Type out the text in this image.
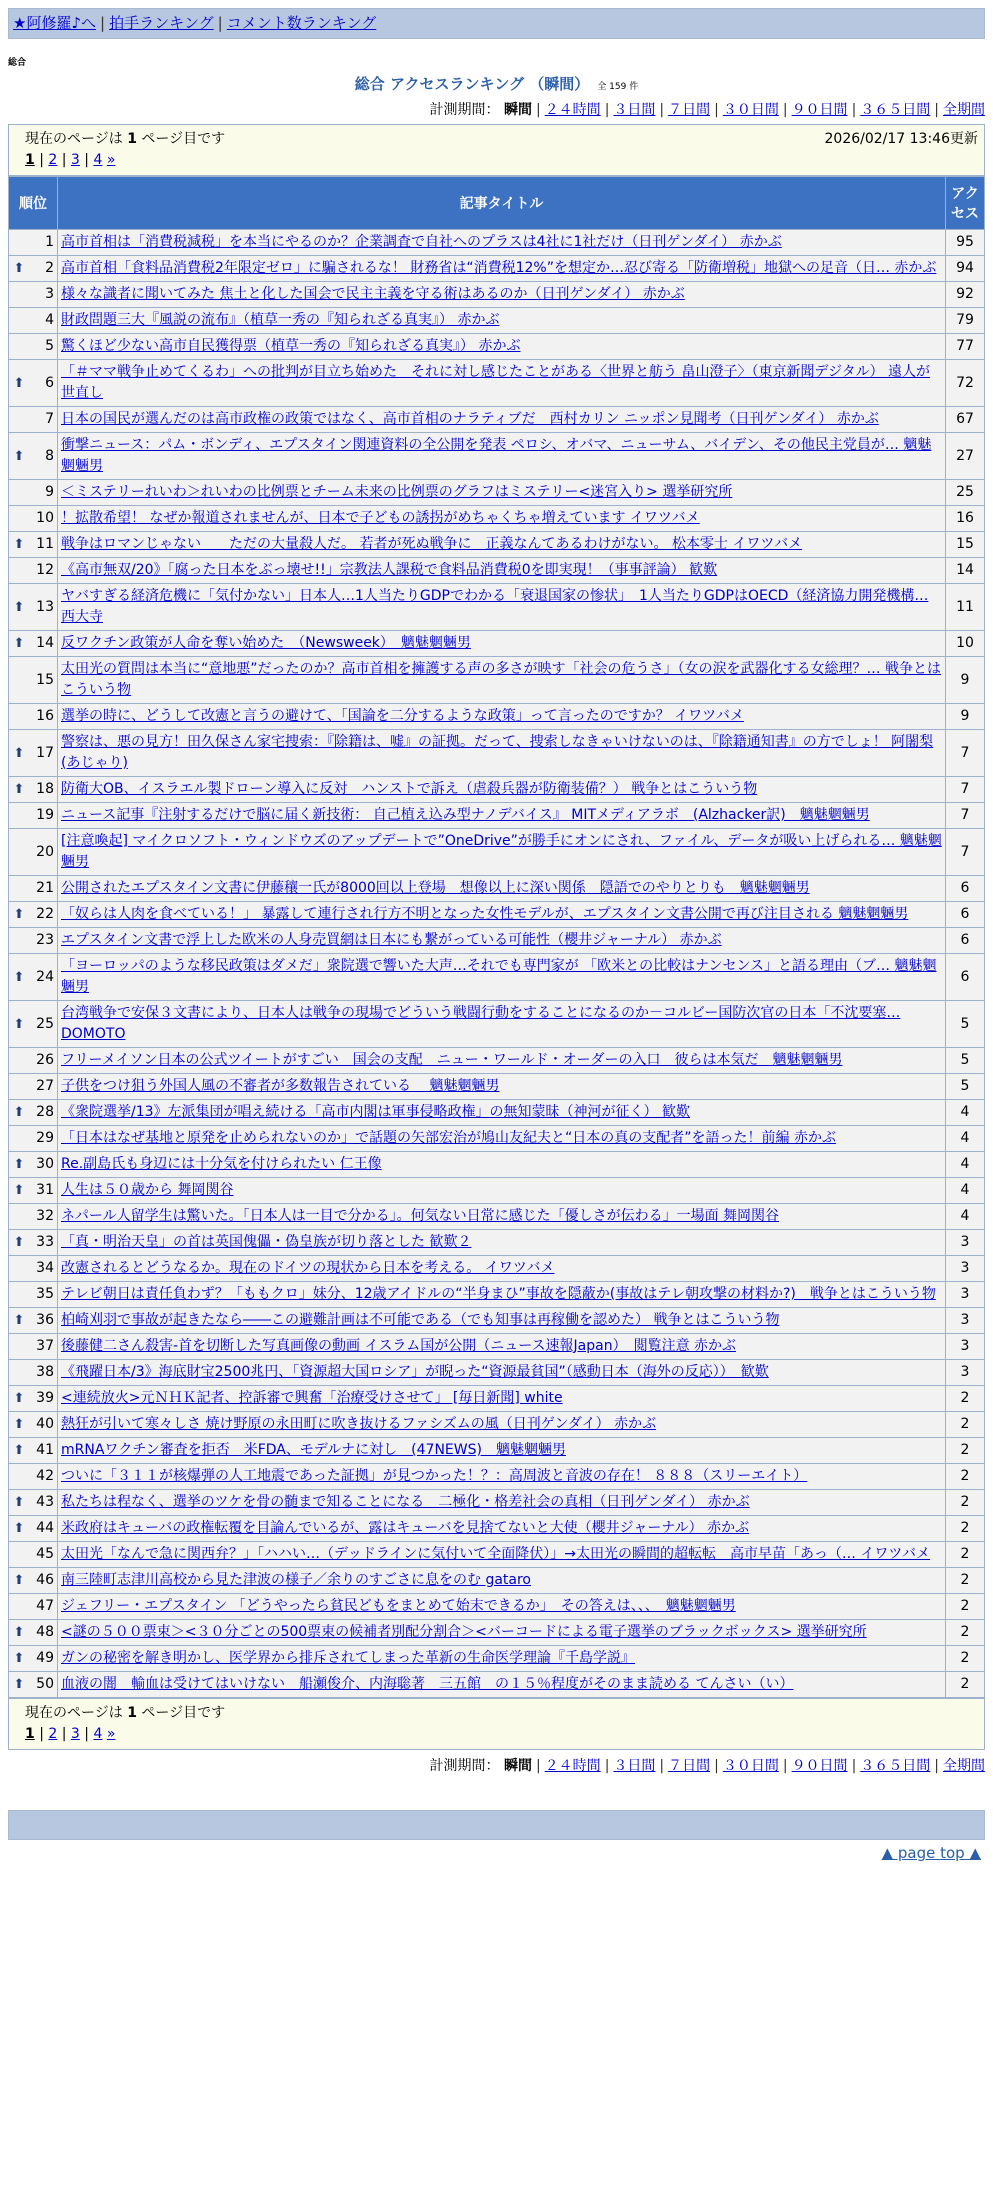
★阿修羅♪へ | 拍手ランキング | コメント数ランキング
総合
総合 アクセスランキング （瞬間） 全 159 件
計測期間： 瞬間 | ２４時間 | ３日間 | ７日間 | ３０日間 | ９０日間 | ３６５日間 | 全期間
2026/02/17 13:46更新
現在のページは 1 ページ目です
1 | 2 | 3 | 4 »
順位		記事タイトル	アクセス
	1	高市首相は「消費税減税」を本当にやるのか？企業調査で自社へのプラスは4社に1社だけ（日刊ゲンダイ） 赤かぶ	95
⬆	2	高市首相「食料品消費税2年限定ゼロ」に騙されるな！ 財務省は“消費税12%”を想定か…忍び寄る「防衛増税」地獄への足音（日… 赤かぶ	94
	3	様々な識者に聞いてみた 焦土と化した国会で民主主義を守る術はあるのか（日刊ゲンダイ） 赤かぶ	92
	4	財政問題三大『風説の流布』（植草一秀の『知られざる真実』） 赤かぶ	79
	5	驚くほど少ない高市自民獲得票（植草一秀の『知られざる真実』） 赤かぶ	77
⬆	6	「＃ママ戦争止めてくるわ」への批判が目立ち始めた　それに対し感じたことがある〈世界と舫う 畠山澄子〉（東京新聞デジタル） 遠人が世直し	72
	7	日本の国民が選んだのは高市政権の政策ではなく、高市首相のナラティブだ　西村カリン ニッポン見聞考（日刊ゲンダイ） 赤かぶ	67
⬆	8	衝撃ニュース：パム・ボンディ、エプスタイン関連資料の全公開を発表 ペロシ、オバマ、ニューサム、バイデン、その他民主党員が… 魑魅魍魎男	27
	9	＜ミステリーれいわ＞れいわの比例票とチーム未来の比例票のグラフはミステリー<迷宮入り> 選挙研究所	25
	10	！拡散希望！ なぜか報道されませんが、日本で子どもの誘拐がめちゃくちゃ増えています イワツバメ	16
⬆	11	戦争はロマンじゃない　　ただの大量殺人だ。 若者が死ぬ戦争に　正義なんてあるわけがない。 松本零士 イワツバメ	15
	12	《高市無双/20》「腐った日本をぶっ壊せ!!」宗教法人課税で食料品消費税0を即実現！（事事評論） 歓歎	14
⬆	13	ヤバすぎる経済危機に「気付かない」日本人…1人当たりGDPでわかる「衰退国家の惨状」　1人当たりGDPはOECD（経済協力開発機構… 西大寺	11
⬆	14	反ワクチン政策が人命を奪い始めた　（Newsweek）　魑魅魍魎男	10
	15	太田光の質問は本当に“意地悪”だったのか？高市首相を擁護する声の多さが映す「社会の危うさ」（女の涙を武器化する女総理？… 戦争とはこういう物	9
	16	選挙の時に、どうして改憲と言うの避けて、「国論を二分するような政策」って言ったのですか？ イワツバメ	9
⬆	17	警察は、悪の見方！田久保さん家宅捜索：『除籍は、嘘』の証拠。だって、捜索しなきゃいけないのは、『除籍通知書』の方でしょ！ 阿闍梨(あじゃり)	7
⬆	18	防衛大OB、イスラエル製ドローン導入に反対　ハンストで訴え（虐殺兵器が防衛装備？） 戦争とはこういう物	7
	19	ニュース記事『注射するだけで脳に届く新技術： 自己植え込み型ナノデバイス』 MITメディアラボ　(Alzhacker訳)　魑魅魍魎男	7
	20	[注意喚起] マイクロソフト・ウィンドウズのアップデートで”OneDrive”が勝手にオンにされ、ファイル、データが吸い上げられる… 魑魅魍魎男	7
	21	公開されたエプスタイン文書に伊藤穰一氏が8000回以上登場　想像以上に深い関係　隠語でのやりとりも　魑魅魍魎男	6
⬆	22	「奴らは人肉を食べている！」 暴露して連行され行方不明となった女性モデルが、エプスタイン文書公開で再び注目される 魑魅魍魎男	6
	23	エプスタイン文書で浮上した欧米の人身売買網は日本にも繋がっている可能性（櫻井ジャーナル） 赤かぶ	6
⬆	24	「ヨーロッパのような移民政策はダメだ」衆院選で響いた大声…それでも専門家が 「欧米との比較はナンセンス」と語る理由（ブ… 魑魅魍魎男	6
⬆	25	台湾戦争で安保３文書により、日本人は戦争の現場でどういう戦闘行動をすることになるのか－コルビー国防次官の日本「不沈要塞… DOMOTO	5
	26	フリーメイソン日本の公式ツイートがすごい　国会の支配　ニュー・ワールド・オーダーの入口　彼らは本気だ　魑魅魍魎男	5
	27	子供をつけ狙う外国人風の不審者が多数報告されている　 魑魅魍魎男	5
⬆	28	《衆院選挙/13》左派集団が唱え続ける「高市内閣は軍事侵略政権」の無知蒙昧（神河が征く） 歓歎	4
	29	「日本はなぜ基地と原発を止められないのか」で話題の矢部宏治が鳩山友紀夫と“日本の真の支配者”を語った！前編 赤かぶ	4
⬆	30	Re.副島氏も身辺には十分気を付けられたい 仁王像	4
⬆	31	人生は５０歳から 舞岡関谷	4
	32	ネパール人留学生は驚いた。「日本人は一目で分かる」。何気ない日常に感じた「優しさが伝わる」一場面 舞岡関谷	4
⬆	33	「真・明治天皇」の首は英国傀儡・偽皇族が切り落とした 歓歎２	3
	34	改憲されるとどうなるか。現在のドイツの現状から日本を考える。 イワツバメ	3
	35	テレビ朝日は責任負わず？「ももクロ」妹分、12歳アイドルの“半身まひ”事故を隠蔽か(事故はテレ朝攻撃の材料か?)　戦争とはこういう物	3
⬆	36	柏崎刈羽で事故が起きたなら――この避難計画は不可能である（でも知事は再稼働を認めた） 戦争とはこういう物	3
	37	後藤健二さん殺害-首を切断した写真画像の動画 イスラム国が公開（ニュース速報Japan）　閲覧注意 赤かぶ	3
	38	《飛躍日本/3》海底財宝2500兆円、「資源超大国ロシア」が睨った“資源最貧国”（感動日本（海外の反応））　歓歎	3
⬆	39	<連続放火>元ＮＨＫ記者、控訴審で興奮「治療受けさせて」 [毎日新聞] white	2
⬆	40	熱狂が引いて寒々しさ 焼け野原の永田町に吹き抜けるファシズムの風（日刊ゲンダイ） 赤かぶ	2
⬆	41	mRNAワクチン審査を拒否　米FDA、モデルナに対し　(47NEWS)　魑魅魍魎男	2
	42	ついに「３１１が核爆弾の人工地震であった証拠」が見つかった！？：高周波と音波の存在！ ８８８（スリーエイト）	2
⬆	43	私たちは程なく、選挙のツケを骨の髄まで知ることになる　二極化・格差社会の真相（日刊ゲンダイ） 赤かぶ	2
⬆	44	米政府はキューバの政権転覆を目論んでいるが、露はキューバを見捨てないと大使（櫻井ジャーナル） 赤かぶ	2
	45	太田光「なんで急に関西弁？」「ハハい…（デッドラインに気付いて全面降伏）」→太田光の瞬間的超転転　高市早苗「あっ（… イワツバメ	2
⬆	46	南三陸町志津川高校から見た津波の様子／余りのすごさに息をのむ gataro	2
	47	ジェフリー・エプスタイン 「どうやったら貧民どもをまとめて始末できるか」　その答えは、、、　魑魅魍魎男	2
⬆	48	<謎の５００票束＞<３０分ごとの500票束の候補者別配分割合＞<バーコードによる電子選挙のブラックボックス> 選挙研究所	2
⬆	49	ガンの秘密を解き明かし、医学界から排斥されてしまった革新の生命医学理論『千島学説』	2
⬆	50	血液の闇　輸血は受けてはいけない　船瀬俊介、内海聡著　三五館　の１５％程度がそのまま読める てんさい（い）	2
現在のページは 1 ページ目です
1 | 2 | 3 | 4 »
計測期間： 瞬間 | ２４時間 | ３日間 | ７日間 | ３０日間 | ９０日間 | ３６５日間 | 全期間
▲ page top ▲
